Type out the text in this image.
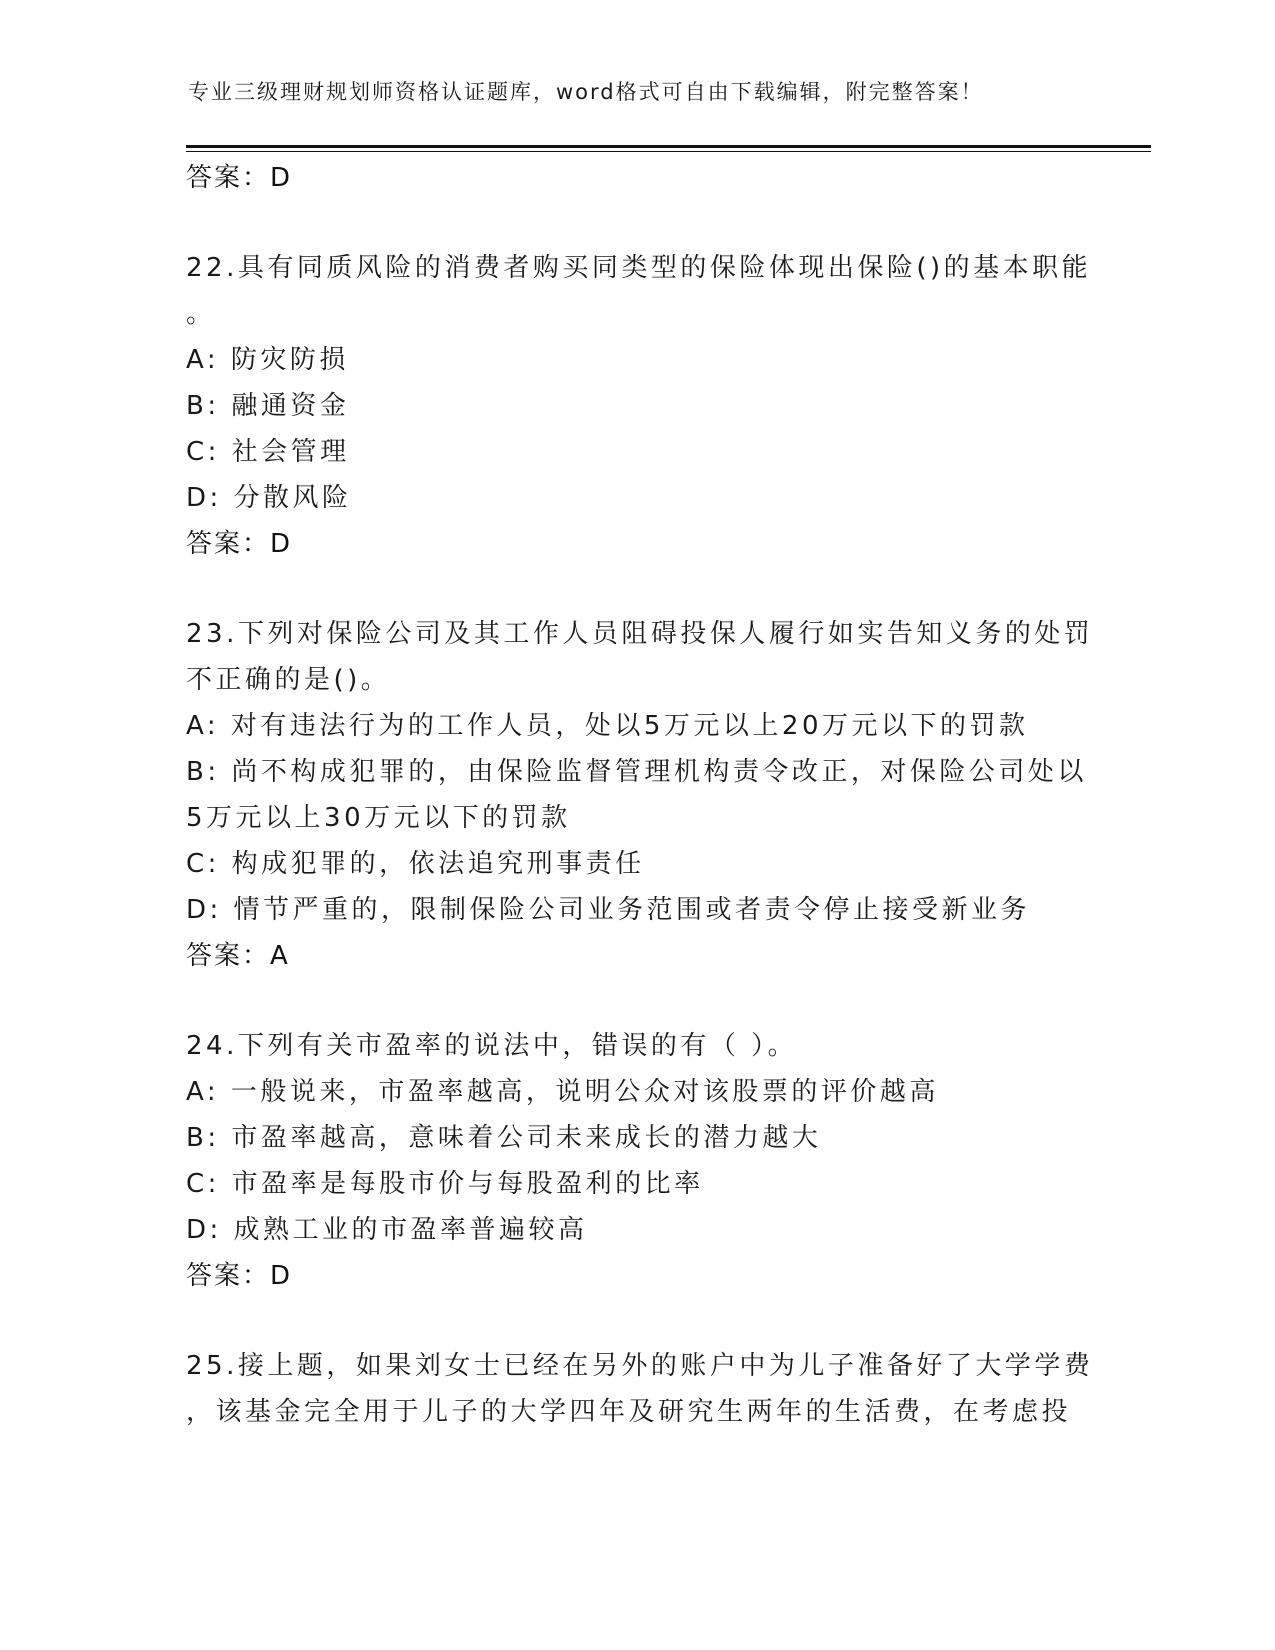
专业三级理财规划师资格认证题库，word格式可自由下载编辑，附完整答案！
答案：D
22.具有同质风险的消费者购买同类型的保险体现出保险()的基本职能
。
A: 防灾防损
B: 融通资金
C: 社会管理
D: 分散风险
答案：D
23.下列对保险公司及其工作人员阻碍投保人履行如实告知义务的处罚
不正确的是()。
A: 对有违法行为的工作人员，处以5万元以上20万元以下的罚款
B: 尚不构成犯罪的，由保险监督管理机构责令改正，对保险公司处以
5万元以上30万元以下的罚款
C: 构成犯罪的，依法追究刑事责任
D: 情节严重的，限制保险公司业务范围或者责令停止接受新业务
答案：A
24.下列有关市盈率的说法中，错误的有（ ）。
A: 一般说来，市盈率越高，说明公众对该股票的评价越高
B: 市盈率越高，意味着公司未来成长的潜力越大
C: 市盈率是每股市价与每股盈利的比率
D: 成熟工业的市盈率普遍较高
答案：D
25.接上题，如果刘女士已经在另外的账户中为儿子准备好了大学学费
，该基金完全用于儿子的大学四年及研究生两年的生活费，在考虑投
